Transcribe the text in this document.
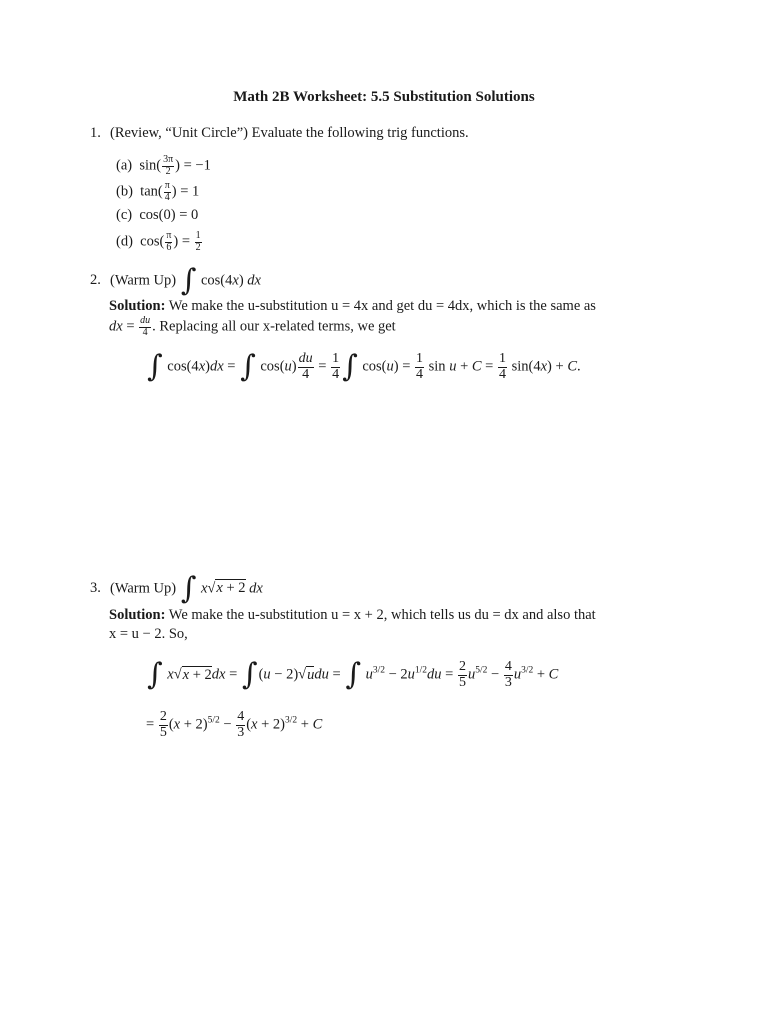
Math 2B Worksheet: 5.5 Substitution Solutions
1. (Review, “Unit Circle”) Evaluate the following trig functions.
(a) $\sin( \frac{3\pi}{2}$ ) = −1
(b) $\tan( \frac{\pi}{4}$ ) = 1
(c) cos(0) = 0
(d) $\cos( \frac{\pi}{6}$ ) = $\frac{1}{2}$
2. (Warm Up) ∫ cos(4x) dx
Solution: We make the u-substitution u = 4x and get du = 4dx, which is the same as
dx = $\frac{du}{4}$ . Replacing all our x-related terms, we get
∫ cos(4x)dx = ∫ $\cos(u) \frac{du}{4} = \frac{1}{4}$ ∫ $\cos(u) = \frac{1}{4}$ $\sin u + C = \frac{1}{4} \sin(4x) + C$.
3. (Warm Up) ∫ x√x + 2 dx
Solution: We make the u-substitution u = x + 2, which tells us du = dx and also that
x = u − 2. So,
∫ x√x + 2dx = ∫(u − 2)√udu = ∫ $u^{3/2} - 2u^{1/2}du = \frac{2}{5} u^{5/2} - \frac{4}{3} u^{3/2} + C$
= $\frac{2}{5} (x + 2)^{5/2} - \frac{4}{3} (x + 2)^{3/2} + C$
